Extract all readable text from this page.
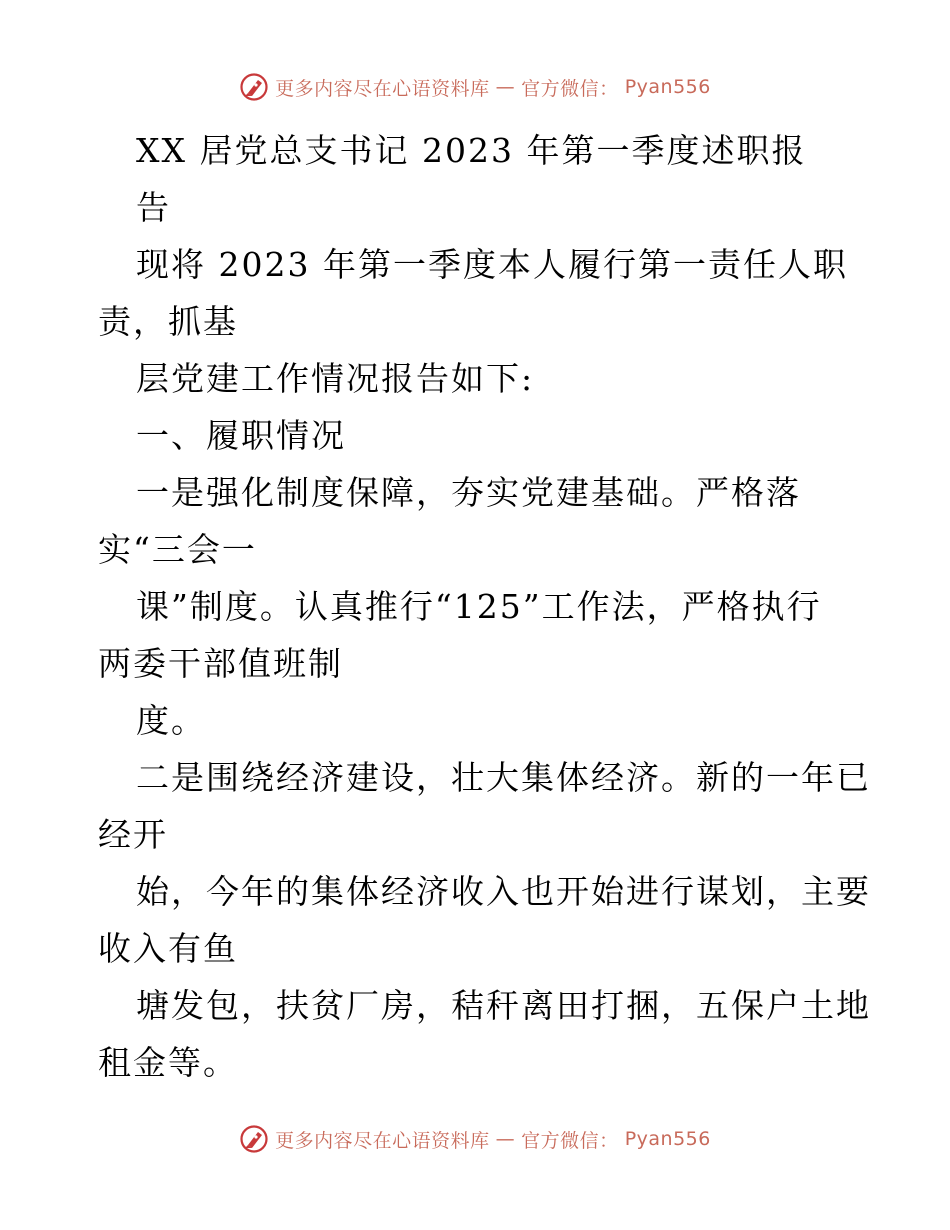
更多内容尽在心语资料库 — 官方微信： Pyan556
XX 居党总支书记 2023 年第一季度述职报
告
现将 2023 年第一季度本人履行第一责任人职
责，抓基
层党建工作情况报告如下:
一、履职情况
一是强化制度保障，夯实党建基础。严格落
实“三会一
课”制度。认真推行“125”工作法，严格执行
两委干部值班制
度。
二是围绕经济建设，壮大集体经济。新的一年已
经开
始，今年的集体经济收入也开始进行谋划，主要
收入有鱼
塘发包，扶贫厂房，秸秆离田打捆，五保户土地
租金等。
更多内容尽在心语资料库 — 官方微信： Pyan556
